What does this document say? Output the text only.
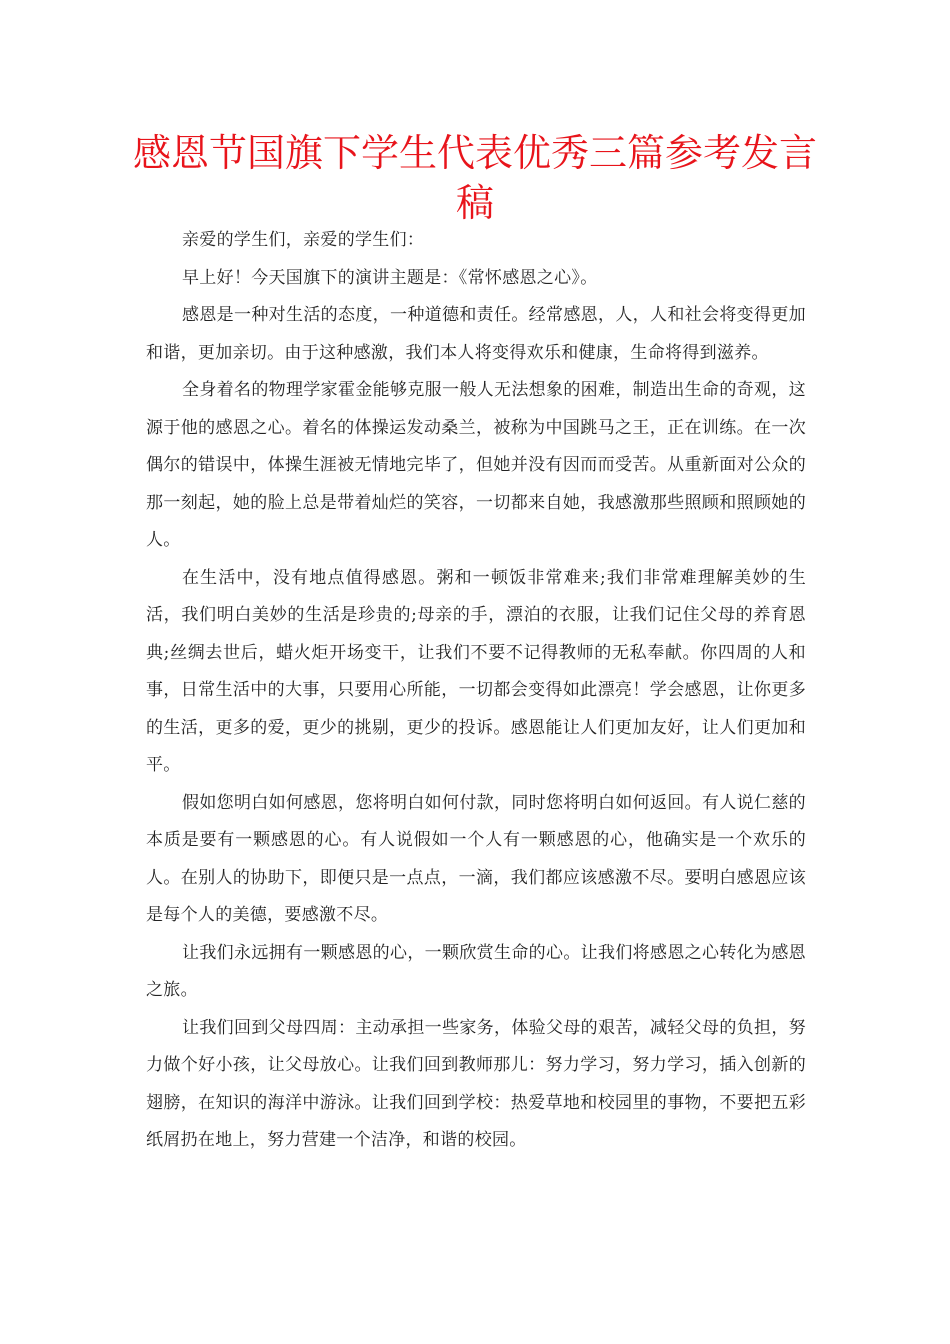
感恩节国旗下学生代表优秀三篇参考发言稿

亲爱的学生们，亲爱的学生们：

早上好！今天国旗下的演讲主题是：《常怀感恩之心》。

感恩是一种对生活的态度，一种道德和责任。经常感恩，人，人和社会将变得更加和谐，更加亲切。由于这种感激，我们本人将变得欢乐和健康，生命将得到滋养。

全身着名的物理学家霍金能够克服一般人无法想象的困难，制造出生命的奇观，这源于他的感恩之心。着名的体操运发动桑兰，被称为中国跳马之王，正在训练。在一次偶尔的错误中，体操生涯被无情地完毕了，但她并没有因而而受苦。从重新面对公众的那一刻起，她的脸上总是带着灿烂的笑容，一切都来自她，我感激那些照顾和照顾她的人。

在生活中，没有地点值得感恩。粥和一顿饭非常难来;我们非常难理解美妙的生活，我们明白美妙的生活是珍贵的;母亲的手，漂泊的衣服，让我们记住父母的养育恩典;丝绸去世后，蜡火炬开场变干，让我们不要不记得教师的无私奉献。你四周的人和事，日常生活中的大事，只要用心所能，一切都会变得如此漂亮！学会感恩，让你更多的生活，更多的爱，更少的挑剔，更少的投诉。感恩能让人们更加友好，让人们更加和平。

假如您明白如何感恩，您将明白如何付款，同时您将明白如何返回。有人说仁慈的本质是要有一颗感恩的心。有人说假如一个人有一颗感恩的心，他确实是一个欢乐的人。在别人的协助下，即便只是一点点，一滴，我们都应该感激不尽。要明白感恩应该是每个人的美德，要感激不尽。

让我们永远拥有一颗感恩的心，一颗欣赏生命的心。让我们将感恩之心转化为感恩之旅。

让我们回到父母四周：主动承担一些家务，体验父母的艰苦，减轻父母的负担，努力做个好小孩，让父母放心。让我们回到教师那儿：努力学习，努力学习，插入创新的翅膀，在知识的海洋中游泳。让我们回到学校：热爱草地和校园里的事物，不要把五彩纸屑扔在地上，努力营建一个洁净，和谐的校园。
